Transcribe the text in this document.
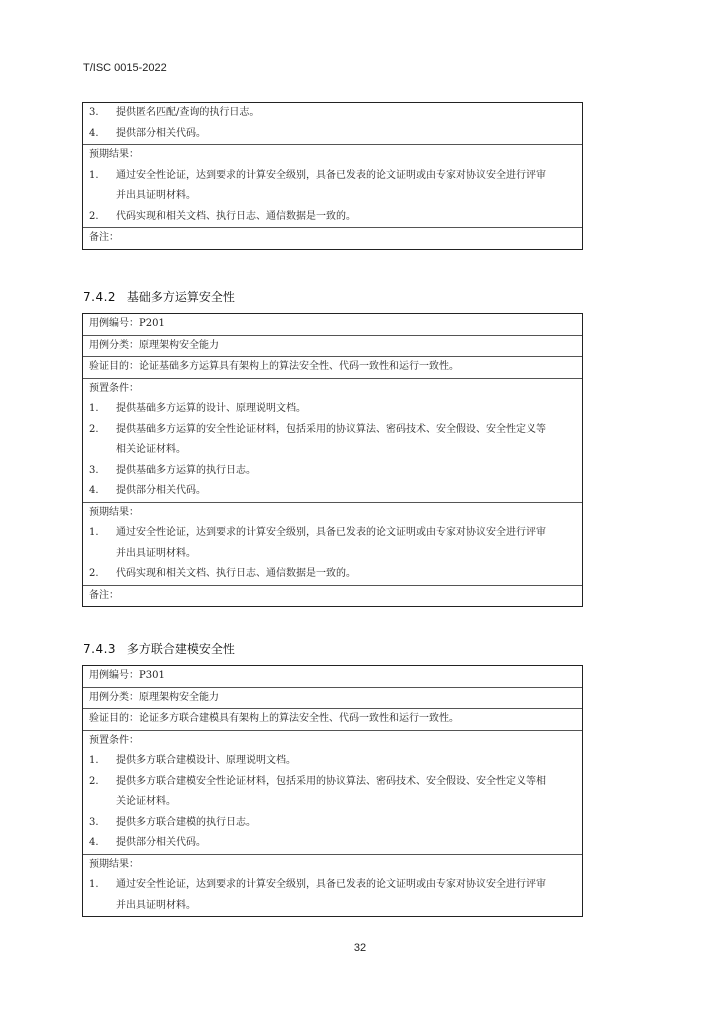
T/ISC 0015-2022
3.	提供匿名匹配/查询的执行日志。
4.	提供部分相关代码。
预期结果：
1.	通过安全性论证，达到要求的计算安全级别，具备已发表的论文证明或由专家对协议安全进行评审
并出具证明材料。
2.	代码实现和相关文档、执行日志、通信数据是一致的。
备注：
7.4.2 基础多方运算安全性
用例编号：P201
用例分类：原理架构安全能力
验证目的：论证基础多方运算具有架构上的算法安全性、代码一致性和运行一致性。
预置条件：
1.	提供基础多方运算的设计、原理说明文档。
2.	提供基础多方运算的安全性论证材料，包括采用的协议算法、密码技术、安全假设、安全性定义等
相关论证材料。
3.	提供基础多方运算的执行日志。
4.	提供部分相关代码。
预期结果：
1.	通过安全性论证，达到要求的计算安全级别，具备已发表的论文证明或由专家对协议安全进行评审
并出具证明材料。
2.	代码实现和相关文档、执行日志、通信数据是一致的。
备注：
7.4.3 多方联合建模安全性
用例编号：P301
用例分类：原理架构安全能力
验证目的：论证多方联合建模具有架构上的算法安全性、代码一致性和运行一致性。
预置条件：
1.	提供多方联合建模设计、原理说明文档。
2.	提供多方联合建模安全性论证材料，包括采用的协议算法、密码技术、安全假设、安全性定义等相
关论证材料。
3.	提供多方联合建模的执行日志。
4.	提供部分相关代码。
预期结果：
1.	通过安全性论证，达到要求的计算安全级别，具备已发表的论文证明或由专家对协议安全进行评审
并出具证明材料。
32
